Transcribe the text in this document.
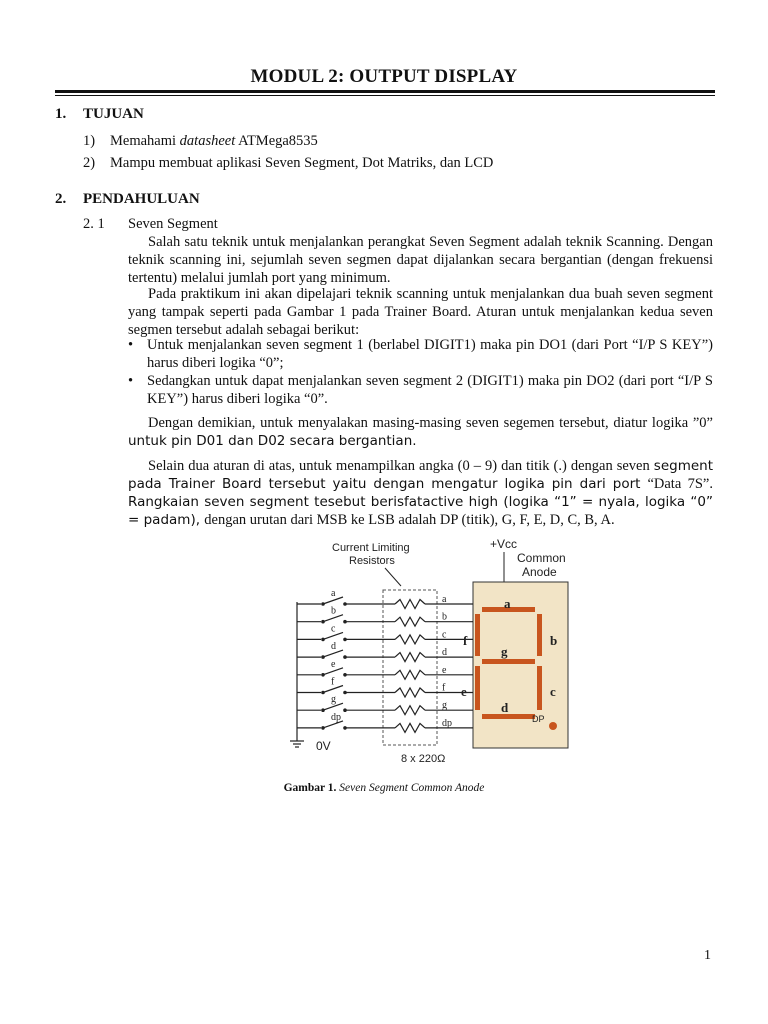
MODUL 2: OUTPUT DISPLAY
1. TUJUAN
1) Memahami datasheet ATMega8535
2) Mampu membuat aplikasi Seven Segment, Dot Matriks, dan LCD
2. PENDAHULUAN
2. 1 Seven Segment
Salah satu teknik untuk menjalankan perangkat Seven Segment adalah teknik Scanning. Dengan teknik scanning ini, sejumlah seven segmen dapat dijalankan secara bergantian (dengan frekuensi tertentu) melalui jumlah port yang minimum.
Pada praktikum ini akan dipelajari teknik scanning untuk menjalankan dua buah seven segment yang tampak seperti pada Gambar 1 pada Trainer Board. Aturan untuk menjalankan kedua seven segmen tersebut adalah sebagai berikut:
• Untuk menjalankan seven segment 1 (berlabel DIGIT1) maka pin DO1 (dari Port “I/P S KEY”) harus diberi logika “0”;
• Sedangkan untuk dapat menjalankan seven segment 2 (DIGIT1) maka pin DO2 (dari port “I/P S KEY”) harus diberi logika “0”.
Dengan demikian, untuk menyalakan masing-masing seven segemen tersebut, diatur logika ”0” untuk pin D01 dan D02 secara bergantian.
Selain dua aturan di atas, untuk menampilkan angka (0 – 9) dan titik (.) dengan seven segment pada Trainer Board tersebut yaitu dengan mengatur logika pin dari port “Data 7S”. Rangkaian seven segment tesebut berisfatactive high (logika “1” = nyala, logika “0” = padam), dengan urutan dari MSB ke LSB adalah DP (titik), G, F, E, D, C, B, A.
Current Limiting
Resistors
+Vcc
Common
Anode
0V
8 x 220Ω
a
a
b
b
c
c
d
d
e
e
f
f
g
g
dp
dp
a
b
c
d
e
f
g
DP
Gambar 1. Seven Segment Common Anode
1
